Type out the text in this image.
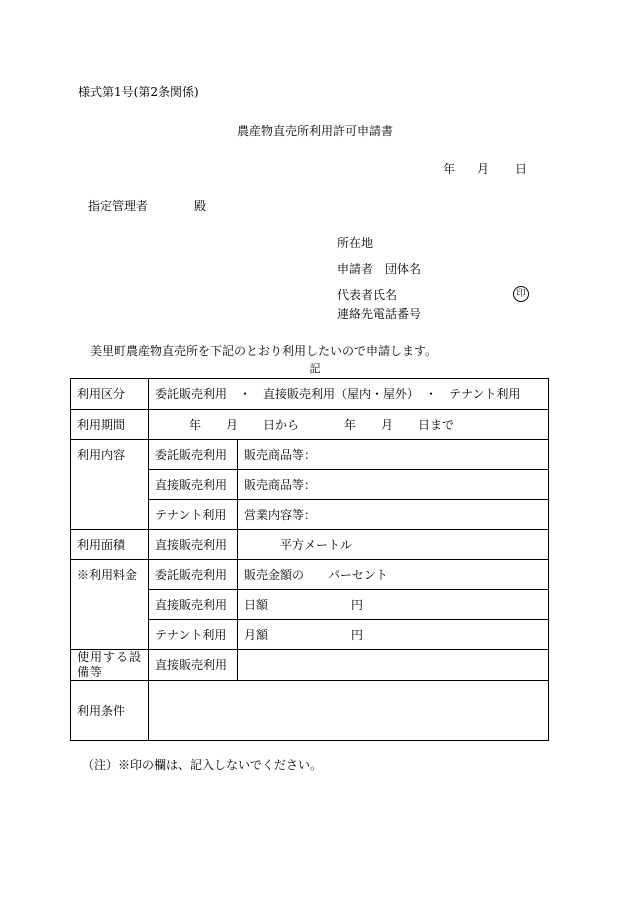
様式第1号(第2条関係)
農産物直売所利用許可申請書
年 月 日
指定管理者	殿
所在地
申請者 団体名
代表者氏名	印
連絡先電話番号
美里町農産物直売所を下記のとおり利用したいので申請します。
記
利用区分	委託販売利用　・　直接販売利用（屋内・屋外）　・　テナント利用	
利用期間	年 月 日から 年 月 日まで	
利用内容	委託販売利用	販売商品等：
	直接販売利用	販売商品等：
	テナント利用	営業内容等：
利用面積	直接販売利用	平方メートル
※利用料金	委託販売利用	販売金額の パーセント
	直接販売利用	日額 円
	テナント利用	月額 円
使用する設備等	直接販売利用	
利用条件		
（注）※印の欄は、記入しないでください。
